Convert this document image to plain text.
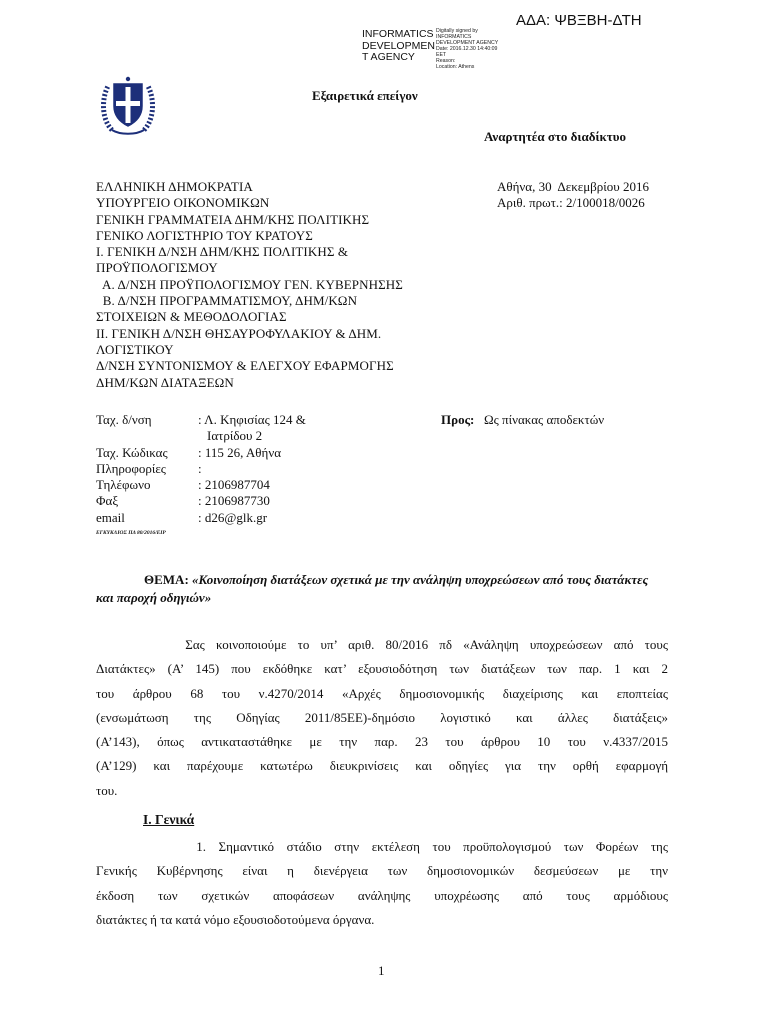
ΑΔΑ: ΨΒΞΒΗ-ΔΤΗ
INFORMATICS
DEVELOPMEN
T AGENCY
Digitally signed by
INFORMATICS
DEVELOPMENT AGENCY
Date: 2016.12.30 14:40:09
EET
Reason:
Location: Athens
Εξαιρετικά επείγον
Αναρτητέα στο διαδίκτυο
ΕΛΛΗΝΙΚΗ ΔΗΜΟΚΡΑΤΙΑ
ΥΠΟΥΡΓΕΙΟ ΟΙΚΟΝΟΜΙΚΩΝ
ΓΕΝΙΚΗ ΓΡΑΜΜΑΤΕΙΑ ΔΗΜ/ΚΗΣ ΠΟΛΙΤΙΚΗΣ
ΓΕΝΙΚΟ ΛΟΓΙΣΤΗΡΙΟ ΤΟΥ ΚΡΑΤΟΥΣ
Ι. ΓΕΝΙΚΗ Δ/ΝΣΗ ΔΗΜ/ΚΗΣ ΠΟΛΙΤΙΚΗΣ &
ΠΡΟΫΠΟΛΟΓΙΣΜΟΥ
Α. Δ/ΝΣΗ ΠΡΟΫΠΟΛΟΓΙΣΜΟΥ ΓΕΝ. ΚΥΒΕΡΝΗΣΗΣ
Β. Δ/ΝΣΗ ΠΡΟΓΡΑΜΜΑΤΙΣΜΟΥ, ΔΗΜ/ΚΩΝ
ΣΤΟΙΧΕΙΩΝ & ΜΕΘΟΔΟΛΟΓΙΑΣ
ΙΙ. ΓΕΝΙΚΗ Δ/ΝΣΗ ΘΗΣΑΥΡΟΦΥΛΑΚΙΟΥ & ΔΗΜ.
ΛΟΓΙΣΤΙΚΟΥ
Δ/ΝΣΗ ΣΥΝΤΟΝΙΣΜΟΥ & ΕΛΕΓΧΟΥ ΕΦΑΡΜΟΓΗΣ
ΔΗΜ/ΚΩΝ ΔΙΑΤΑΞΕΩΝ
Αθήνα, 30  Δεκεμβρίου 2016
Αριθ. πρωτ.: 2/100018/0026
Ταχ. δ/νση

Ταχ. Κώδικας
Πληροφορίες
Τηλέφωνο
Φαξ
email
: Λ. Κηφισίας 124 &
Ιατρίδου 2
: 115 26, Αθήνα
:
: 2106987704
: 2106987730
: d26@glk.gr
Προς: Ως πίνακας αποδεκτών
ΕΓΚΥΚΛΙΟΣ ΠΔ 80/2016/ΕΙΡ
ΘΕΜΑ: «Κοινοποίηση διατάξεων σχετικά με την ανάληψη υποχρεώσεων από τους διατάκτες και παροχή οδηγιών»
Σας κοινοποιούμε το υπ’ αριθ. 80/2016 πδ «Ανάληψη υποχρεώσεων από τους
Διατάκτες» (Α’ 145) που εκδόθηκε κατ’ εξουσιοδότηση των διατάξεων των παρ. 1 και 2
του άρθρου 68 του ν.4270/2014 «Αρχές δημοσιονομικής διαχείρισης και εποπτείας
(ενσωμάτωση της Οδηγίας 2011/85ΕΕ)-δημόσιο λογιστικό και άλλες διατάξεις»
(Α’143), όπως αντικαταστάθηκε με την παρ. 23 του άρθρου 10 του ν.4337/2015
(Α’129) και παρέχουμε κατωτέρω διευκρινίσεις και οδηγίες για την ορθή εφαρμογή
του.
Ι. Γενικά
1. Σημαντικό στάδιο στην εκτέλεση του προϋπολογισμού των Φορέων της
Γενικής Κυβέρνησης είναι η διενέργεια των δημοσιονομικών δεσμεύσεων με την
έκδοση των σχετικών αποφάσεων ανάληψης υποχρέωσης από τους αρμόδιους
διατάκτες ή τα κατά νόμο εξουσιοδοτούμενα όργανα.
1
